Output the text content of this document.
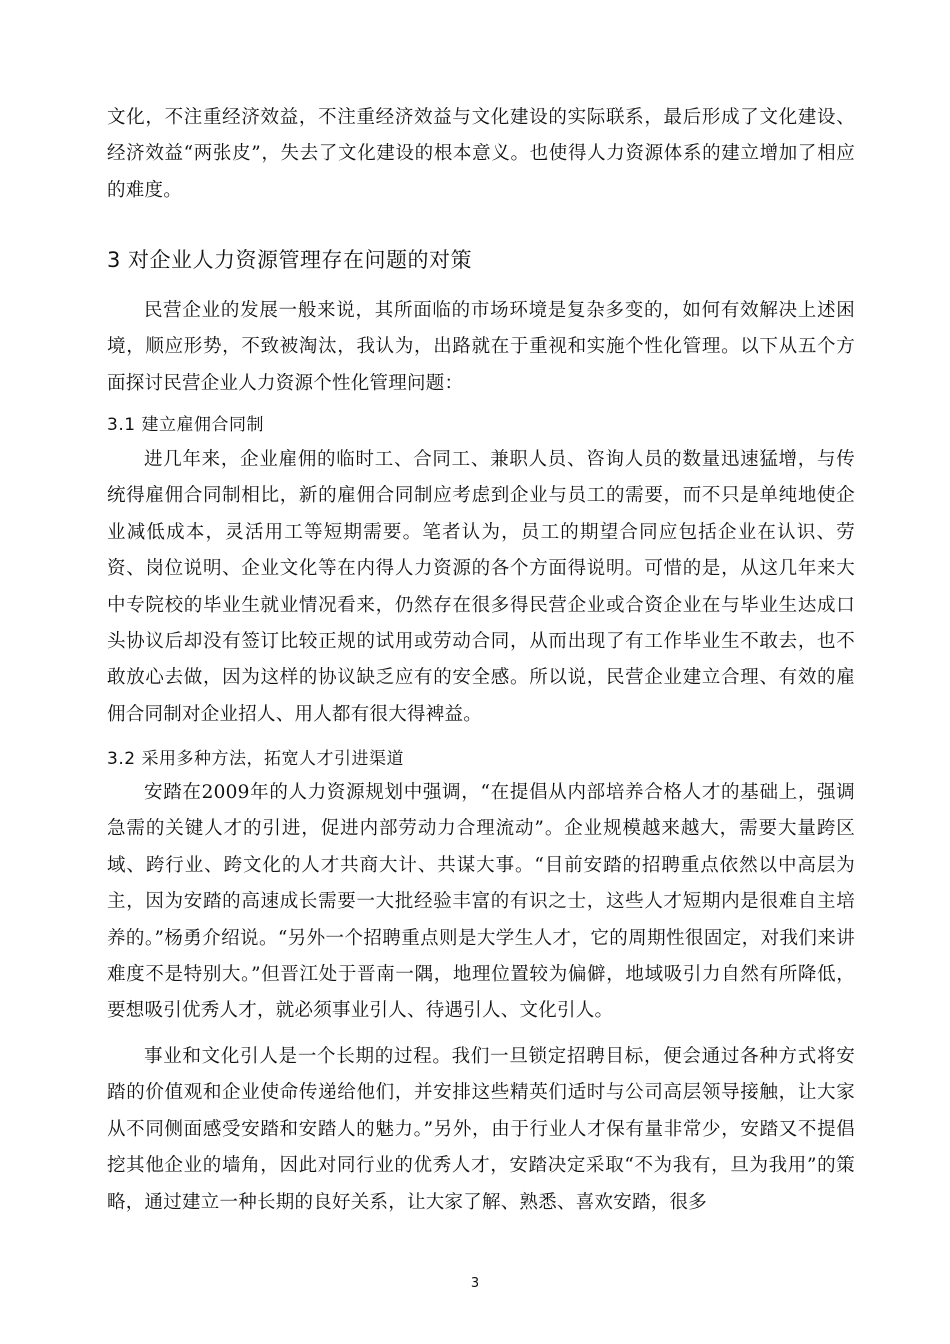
文化，不注重经济效益，不注重经济效益与文化建设的实际联系，最后形成了文化建设、经济效益“两张皮”，失去了文化建设的根本意义。也使得人力资源体系的建立增加了相应的难度。
3 对企业人力资源管理存在问题的对策
民营企业的发展一般来说，其所面临的市场环境是复杂多变的，如何有效解决上述困境，顺应形势，不致被淘汰，我认为，出路就在于重视和实施个性化管理。以下从五个方面探讨民营企业人力资源个性化管理问题：
3.1 建立雇佣合同制
进几年来，企业雇佣的临时工、合同工、兼职人员、咨询人员的数量迅速猛增，与传统得雇佣合同制相比，新的雇佣合同制应考虑到企业与员工的需要，而不只是单纯地使企业减低成本，灵活用工等短期需要。笔者认为，员工的期望合同应包括企业在认识、劳资、岗位说明、企业文化等在内得人力资源的各个方面得说明。可惜的是，从这几年来大中专院校的毕业生就业情况看来，仍然存在很多得民营企业或合资企业在与毕业生达成口头协议后却没有签订比较正规的试用或劳动合同，从而出现了有工作毕业生不敢去，也不敢放心去做，因为这样的协议缺乏应有的安全感。所以说，民营企业建立合理、有效的雇佣合同制对企业招人、用人都有很大得裨益。
3.2 采用多种方法，拓宽人才引进渠道
安踏在2009年的人力资源规划中强调，“在提倡从内部培养合格人才的基础上，强调急需的关键人才的引进，促进内部劳动力合理流动”。企业规模越来越大，需要大量跨区域、跨行业、跨文化的人才共商大计、共谋大事。“目前安踏的招聘重点依然以中高层为主，因为安踏的高速成长需要一大批经验丰富的有识之士，这些人才短期内是很难自主培养的。”杨勇介绍说。“另外一个招聘重点则是大学生人才，它的周期性很固定，对我们来讲难度不是特别大。”但晋江处于晋南一隅，地理位置较为偏僻，地域吸引力自然有所降低，要想吸引优秀人才，就必须事业引人、待遇引人、文化引人。
事业和文化引人是一个长期的过程。我们一旦锁定招聘目标，便会通过各种方式将安踏的价值观和企业使命传递给他们，并安排这些精英们适时与公司高层领导接触，让大家从不同侧面感受安踏和安踏人的魅力。”另外，由于行业人才保有量非常少，安踏又不提倡挖其他企业的墙角，因此对同行业的优秀人才，安踏决定采取“不为我有，旦为我用”的策略，通过建立一种长期的良好关系，让大家了解、熟悉、喜欢安踏，很多
3
